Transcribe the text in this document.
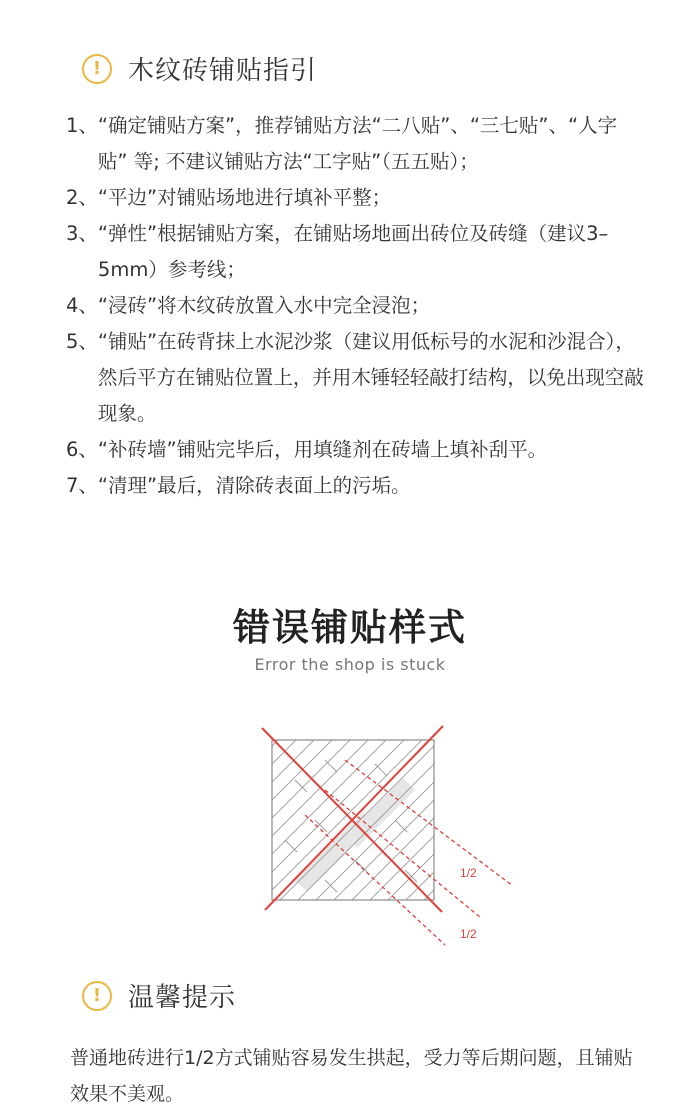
!	木纹砖铺贴指引
1、 “确定铺贴方案”，推荐铺贴方法“二八贴”、“三七贴”、“人字贴” 等; 不建议铺贴方法“工字贴”（五五贴）；
2、 “平边”对铺贴场地进行填补平整；
3、 “弹性”根据铺贴方案，在铺贴场地画出砖位及砖缝（建议3–5mm）参考线；
4、 “浸砖”将木纹砖放置入水中完全浸泡；
5、 “铺贴”在砖背抹上水泥沙浆（建议用低标号的水泥和沙混合），然后平方在铺贴位置上，并用木锤轻轻敲打结构，以免出现空敲现象。
6、 “补砖墙”铺贴完毕后，用填缝剂在砖墙上填补刮平。
7、 “清理”最后，清除砖表面上的污垢。
错误铺贴样式
Error the shop is stuck
1/2
1/2
!	温馨提示
普通地砖进行1/2方式铺贴容易发生拱起，受力等后期问题，且铺贴效果不美观。
